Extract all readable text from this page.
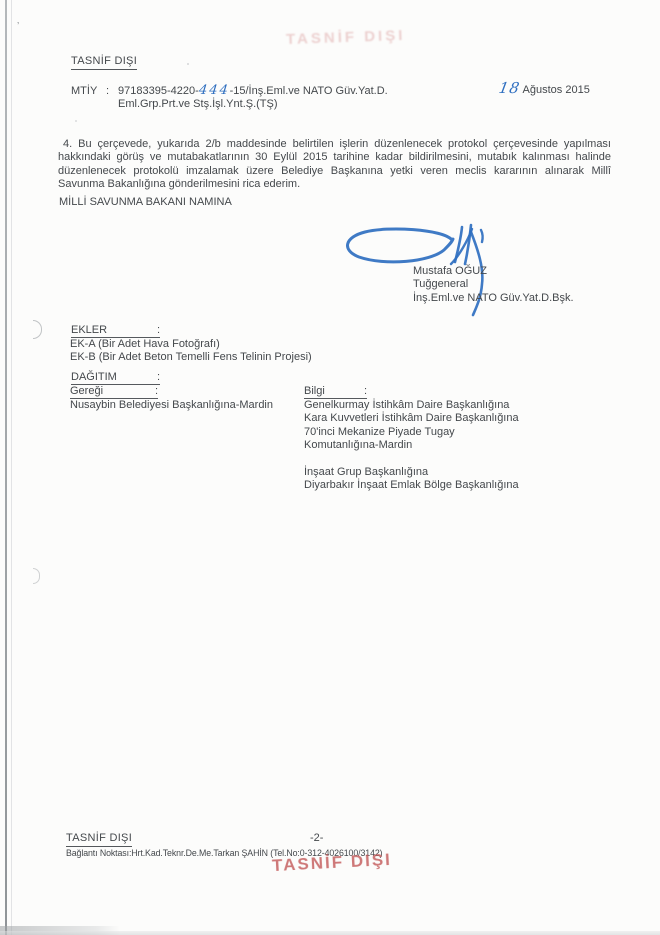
’
TASNİF DIŞI
TASNİF DIŞI
MTİY : 97183395-4220-444-15/İnş.Eml.ve NATO Güv.Yat.D.
Eml.Grp.Prt.ve Stş.İşl.Ynt.Ş.(TŞ)
18 Ağustos 2015
4. Bu çerçevede, yukarıda 2/b maddesinde belirtilen işlerin düzenlenecek protokol çerçevesinde yapılması hakkındaki görüş ve mutabakatlarının 30 Eylül 2015 tarihine kadar bildirilmesini, mutabık kalınması halinde düzenlenecek protokolü imzalamak üzere Belediye Başkanına yetki veren meclis kararının alınarak Millî Savunma Bakanlığına gönderilmesini rica ederim.
MİLLİ SAVUNMA BAKANI NAMINA
Mustafa OĞUZ
Tuğgeneral
İnş.Eml.ve NATO Güv.Yat.D.Bşk.
EKLER	:
EK-A (Bir Adet Hava Fotoğrafı)
EK-B (Bir Adet Beton Temelli Fens Telinin Projesi)
DAĞITIM	:
Gereği	:	Bilgi	:
Nusaybin Belediyesi Başkanlığına-Mardin	Genelkurmay İstihkâm Daire Başkanlığına
Kara Kuvvetleri İstihkâm Daire Başkanlığına
70'inci Mekanize Piyade Tugay
Komutanlığına-Mardin
İnşaat Grup Başkanlığına
Diyarbakır İnşaat Emlak Bölge Başkanlığına
TASNİF DIŞI	-2-
Bağlantı Noktası:Hrt.Kad.Teknr.De.Me.Tarkan ŞAHİN (Tel.No:0-312-4026100/3142)
TASNİF DIŞI
